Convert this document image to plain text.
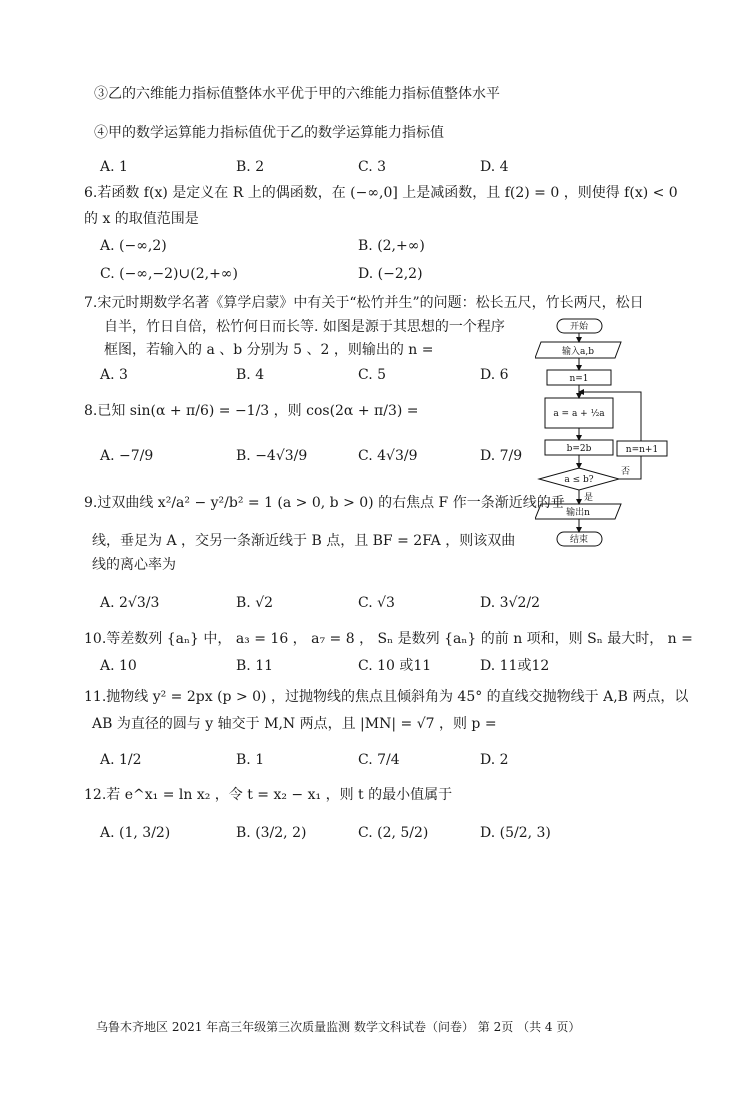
③乙的六维能力指标值整体水平优于甲的六维能力指标值整体水平
④甲的数学运算能力指标值优于乙的数学运算能力指标值
A. 1	B. 2	C. 3	D. 4
6.若函数 f(x) 是定义在 R 上的偶函数，在 (−∞,0] 上是减函数，且 f(2) = 0 ，则使得 f(x) < 0
的 x 的取值范围是
A. (−∞,2)	B. (2,+∞)
C. (−∞,−2)∪(2,+∞)	D. (−2,2)
7.宋元时期数学名著《算学启蒙》中有关于“松竹并生”的问题：松长五尺，竹长两尺，松日
自半，竹日自倍，松竹何日而长等. 如图是源于其思想的一个程序
框图，若输入的 a 、b 分别为 5 、2 ，则输出的 n =
A. 3	B. 4	C. 5	D. 6
开始
输入a,b
n=1
a = a + ½a
b=2b
a ≤ b?
是
否
n=n+1
输出n
结束
8.已知 sin(α + π/6) = −1/3 ，则 cos(2α + π/3) =
A. −7/9	B. −4√3/9	C. 4√3/9	D. 7/9
9.过双曲线 x²/a² − y²/b² = 1 (a > 0, b > 0) 的右焦点 F 作一条渐近线的垂
线，垂足为 A ，交另一条渐近线于 B 点，且 BF = 2FA ，则该双曲
线的离心率为
A. 2√3/3	B. √2	C. √3	D. 3√2/2
10.等差数列 {aₙ} 中， a₃ = 16 ， a₇ = 8 ， Sₙ 是数列 {aₙ} 的前 n 项和，则 Sₙ 最大时， n =
A. 10	B. 11	C. 10 或11	D. 11或12
11.抛物线 y² = 2px (p > 0) ，过抛物线的焦点且倾斜角为 45° 的直线交抛物线于 A,B 两点，以
AB 为直径的圆与 y 轴交于 M,N 两点，且 |MN| = √7 ，则 p =
A. 1/2	B. 1	C. 7/4	D. 2
12.若 e^x₁ = ln x₂ ，令 t = x₂ − x₁ ，则 t 的最小值属于
A. (1, 3/2)	B. (3/2, 2)	C. (2, 5/2)	D. (5/2, 3)
乌鲁木齐地区 2021 年高三年级第三次质量监测 数学文科试卷（问卷） 第 2页 （共 4 页）
